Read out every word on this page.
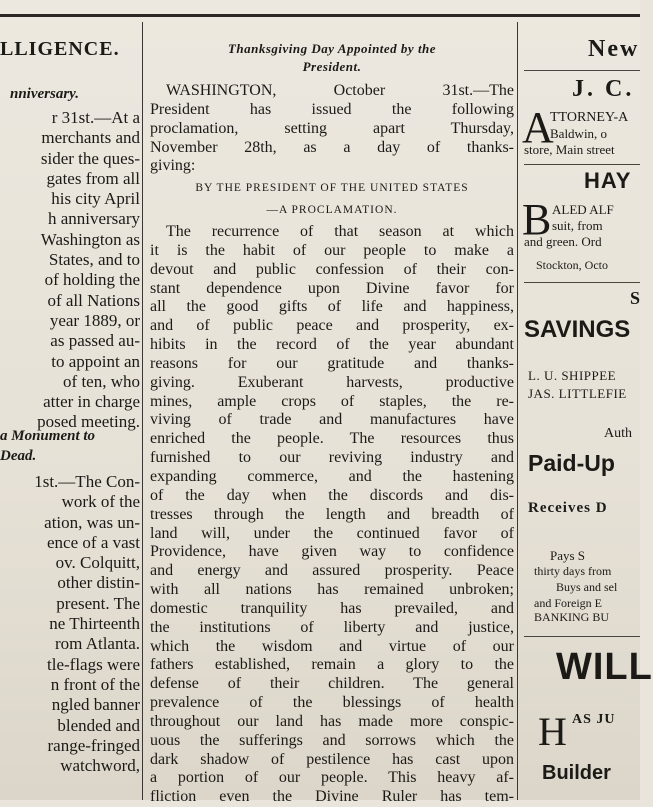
LLIGENCE.
nniversary.
r 31st.—At a
merchants and
sider the ques-
gates from all
his city April
h anniversary
Washington as
States, and to
of holding the
of all Nations
year 1889, or
as passed au-
to appoint an
of ten, who
atter in charge
posed meeting.
a Monument to
Dead.
1st.—The Con-
work of the
ation, was un-
ence of a vast
ov. Colquitt,
other distin-
present. The
ne Thirteenth
rom Atlanta.
tle-flags were
n front of the
ngled banner
blended and
range-fringed
watchword,
Thanksgiving Day Appointed by the
President.
WASHINGTON, October 31st.—The
President has issued the following
proclamation, setting apart Thursday,
November 28th, as a day of thanks-
giving:
BY THE PRESIDENT OF THE UNITED STATES
—A PROCLAMATION.
The recurrence of that season at which
it is the habit of our people to make a
devout and public confession of their con-
stant dependence upon Divine favor for
all the good gifts of life and happiness,
and of public peace and prosperity, ex-
hibits in the record of the year abundant
reasons for our gratitude and thanks-
giving. Exuberant harvests, productive
mines, ample crops of staples, the re-
viving of trade and manufactures have
enriched the people. The resources thus
furnished to our reviving industry and
expanding commerce, and the hastening
of the day when the discords and dis-
tresses through the length and breadth of
land will, under the continued favor of
Providence, have given way to confidence
and energy and assured prosperity. Peace
with all nations has remained unbroken;
domestic tranquility has prevailed, and
the institutions of liberty and justice,
which the wisdom and virtue of our
fathers established, remain a glory to the
defense of their children. The general
prevalence of the blessings of health
throughout our land has made more conspic-
uous the sufferings and sorrows which the
dark shadow of pestilence has cast upon
a portion of our people. This heavy af-
fliction even the Divine Ruler has tem-
New
J. C.
A
TTORNEY-A
Baldwin, o
store, Main street
HAY
B ALED ALF
suit, from
and green. Ord
Stockton, Octo
S
SAVINGS
L. U. SHIPPEE
JAS. LITTLEFIE
Auth
Paid-Up
Receives D
Pays S
thirty days from
Buys and sel
and Foreign E
BANKING BU
WILL
H AS JU
Builder
